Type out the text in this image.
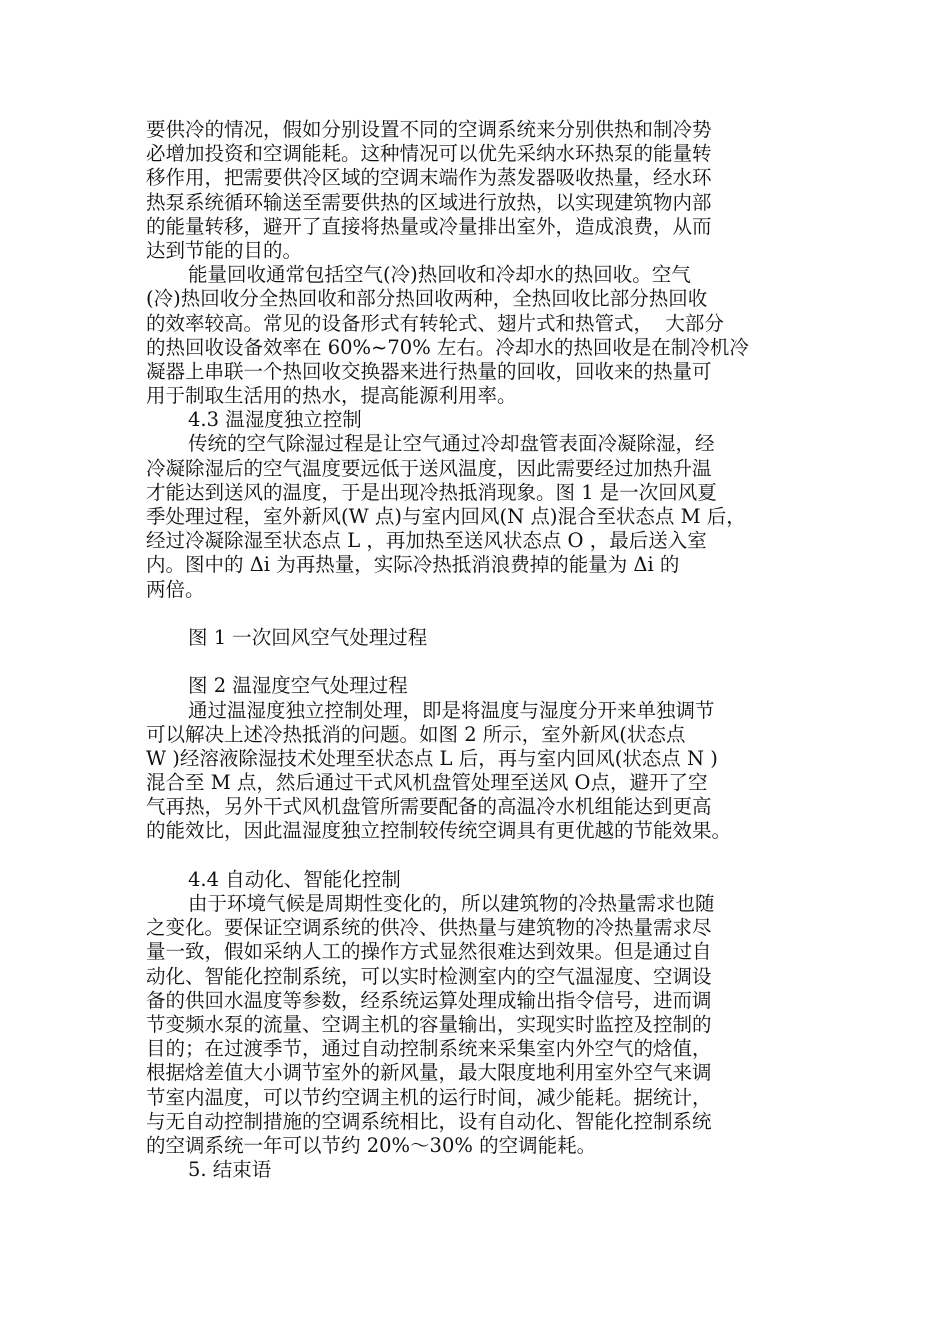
要供冷的情况，假如分别设置不同的空调系统来分别供热和制冷势
必增加投资和空调能耗。这种情况可以优先采纳水环热泵的能量转
移作用，把需要供冷区域的空调末端作为蒸发器吸收热量，经水环
热泵系统循环输送至需要供热的区域进行放热，以实现建筑物内部
的能量转移，避开了直接将热量或冷量排出室外，造成浪费，从而
达到节能的目的。
能量回收通常包括空气(冷)热回收和冷却水的热回收。空气
(冷)热回收分全热回收和部分热回收两种，全热回收比部分热回收
的效率较高。常见的设备形式有转轮式、翅片式和热管式，  大部分
的热回收设备效率在 60%~70% 左右。冷却水的热回收是在制冷机冷
凝器上串联一个热回收交换器来进行热量的回收，回收来的热量可
用于制取生活用的热水，提高能源利用率。
4.3 温湿度独立控制
传统的空气除湿过程是让空气通过冷却盘管表面冷凝除湿，经
冷凝除湿后的空气温度要远低于送风温度，因此需要经过加热升温
才能达到送风的温度，于是出现冷热抵消现象。图 1 是一次回风夏
季处理过程，室外新风(W 点)与室内回风(N 点)混合至状态点 M 后，
经过冷凝除湿至状态点 L ，再加热至送风状态点 O ，最后送入室
内。图中的 Δi 为再热量，实际冷热抵消浪费掉的能量为 Δi 的
两倍。
图 1 一次回风空气处理过程
图 2 温湿度空气处理过程
通过温湿度独立控制处理，即是将温度与湿度分开来单独调节
可以解决上述冷热抵消的问题。如图 2 所示，室外新风(状态点
W )经溶液除湿技术处理至状态点 L 后，再与室内回风(状态点 N )
混合至 M 点，然后通过干式风机盘管处理至送风 O点，避开了空
气再热，另外干式风机盘管所需要配备的高温冷水机组能达到更高
的能效比，因此温湿度独立控制较传统空调具有更优越的节能效果。
4.4 自动化、智能化控制
由于环境气候是周期性变化的，所以建筑物的冷热量需求也随
之变化。要保证空调系统的供冷、供热量与建筑物的冷热量需求尽
量一致，假如采纳人工的操作方式显然很难达到效果。但是通过自
动化、智能化控制系统，可以实时检测室内的空气温湿度、空调设
备的供回水温度等参数，经系统运算处理成输出指令信号，进而调
节变频水泵的流量、空调主机的容量输出，实现实时监控及控制的
目的；在过渡季节，通过自动控制系统来采集室内外空气的焓值，
根据焓差值大小调节室外的新风量，最大限度地利用室外空气来调
节室内温度，可以节约空调主机的运行时间，减少能耗。据统计，
与无自动控制措施的空调系统相比，设有自动化、智能化控制系统
的空调系统一年可以节约 20%～30% 的空调能耗。
5. 结束语
